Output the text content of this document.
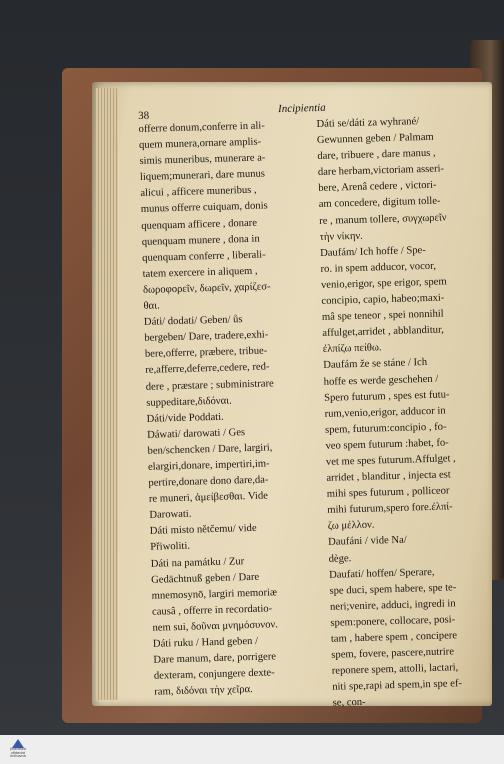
38
Incipientia
offerre donum,conferre in ali-
quem munera,ornare amplis-
simis muneribus, munerare a-
liquem;munerari, dare munus
alicui , afficere muneribus ,
munus offerre cuiquam, donis
quenquam afficere , donare
quenquam munere , dona in
quenquam conferre , liberali-
tatem exercere in aliquem ,
δωροφορεῖν, δωρεῖν, χαρίζεσ-
θαι.
Dáti/ dodati/ Geben/ ůs
bergeben/ Dare, tradere,exhi-
bere,offerre, præbere, tribue-
re,afferre,deferre,cedere, red-
dere , præstare ; subministrare
suppeditare,διδόναι.
Dáti/vide Poddati.
Dáwati/ darowati / Ges
ben/schencken / Dare, largiri,
elargiri,donare, impertiri,im-
pertire,donare dono dare,da-
re muneri, ἀμείβεσθαι. Vide
Darowati.
Dáti misto nětčemu/ vide
Přiwoliti.
Dáti na památku / Zur
Gedächtnuß geben / Dare
mnemosynō, largiri memoriæ
causâ , offerre in recordatio-
nem sui, δοῦναι μνημόσυνον.
Dáti ruku / Hand geben /
Dare manum, dare, porrigere
dexteram, conjungere dexte-
ram, διδόναι τὴν χεῖρα.
Dáti se/dáti za wyhrané/
Gewunnen geben / Palmam
dare, tribuere , dare manus ,
dare herbam,victoriam asseri-
bere, Arenâ cedere , victori-
am concedere, digitum tolle-
re , manum tollere, συγχωρεῖν
τὴν νίκην.
Daufám/ Ich hoffe / Spe-
ro. in spem adducor, vocor,
venio,erigor, spe erigor, spem
concipio, capio, habeo;maxi-
mâ spe teneor , spei nonnihil
affulget,arridet , abblanditur,
ἐλπίζω πείθω.
Daufám že se stáne / Ich
hoffe es werde geschehen /
Spero futurum , spes est futu-
rum,venio,erigor, adducor in
spem, futurum:concipio , fo-
veo spem futurum :habet, fo-
vet me spes futurum.Affulget ,
arridet , blanditur , injecta est
mihi spes futurum , polliceor
mihi futurum,spero fore.ἐλπί-
ζω μέλλον.
Daufáni / vide Na/
dège.
Daufati/ hoffen/ Sperare,
spe duci, spem habere, spe te-
neri;venire, adduci, ingredi in
spem:ponere, collocare, posi-
tam , habere spem , concipere
spem, fovere, pascere,nutrire
reponere spem, attolli, lactari,
niti spe,rapi ad spem,in spe ef-
se, con-
Jihočeská vědecká knihovna
